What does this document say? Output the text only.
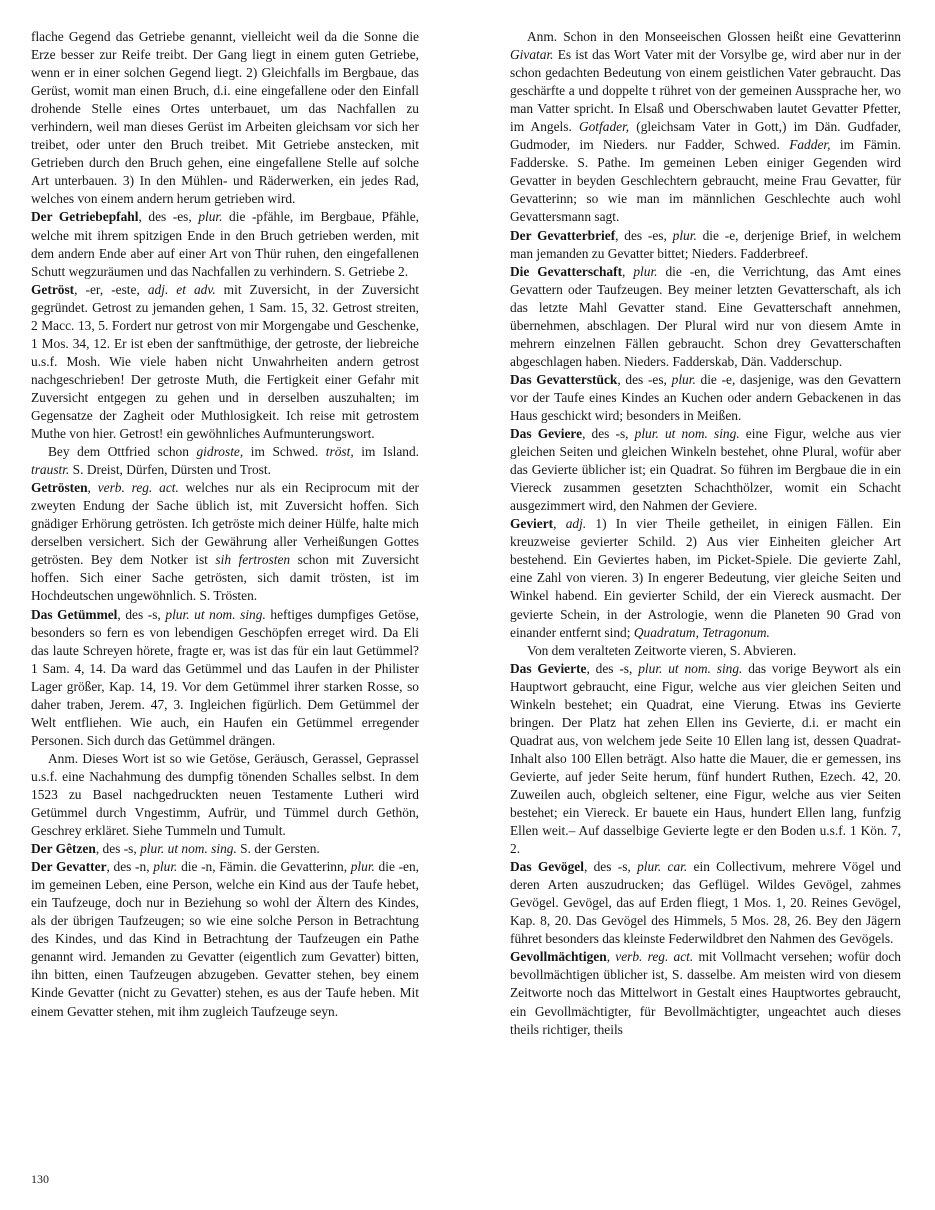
flache Gegend das Getriebe genannt, vielleicht weil da die Sonne die Erze besser zur Reife treibt. Der Gang liegt in einem guten Getriebe, wenn er in einer solchen Gegend liegt. 2) Gleichfalls im Bergbaue, das Gerüst, womit man einen Bruch, d.i. eine eingefallene oder den Einfall drohende Stelle eines Ortes unterbauet, um das Nachfallen zu verhindern, weil man dieses Gerüst im Arbeiten gleichsam vor sich her treibet, oder unter den Bruch treibet. Mit Getriebe anstecken, mit Getrieben durch den Bruch gehen, eine eingefallene Stelle auf solche Art unterbauen. 3) In den Mühlen- und Räderwerken, ein jedes Rad, welches von einem andern herum getrieben wird.

Der Getriebepfahl, des -es, plur. die -pfähle, im Bergbaue, Pfähle, welche mit ihrem spitzigen Ende in den Bruch getrieben werden, mit dem andern Ende aber auf einer Art von Thür ruhen, den eingefallenen Schutt wegzuräumen und das Nachfallen zu verhindern. S. Getriebe 2.

Getröst, -er, -este, adj. et adv. mit Zuversicht, in der Zuversicht gegründet. Getrost zu jemanden gehen, 1 Sam. 15, 32. Getrost streiten, 2 Macc. 13, 5. Fordert nur getrost von mir Morgengabe und Geschenke, 1 Mos. 34, 12. Er ist eben der sanftmüthige, der getroste, der liebreiche u.s.f. Mosh. Wie viele haben nicht Unwahrheiten andern getrost nachgeschrieben! Der getroste Muth, die Fertigkeit einer Gefahr mit Zuversicht entgegen zu gehen und in derselben auszuhalten; im Gegensatze der Zagheit oder Muthlosigkeit. Ich reise mit getrostem Muthe von hier. Getrost! ein gewöhnliches Aufmunterungswort.

Bey dem Ottfried schon gidroste, im Schwed. tröst, im Island. traustr. S. Dreist, Dürfen, Dürsten und Trost.

Getrösten, verb. reg. act. welches nur als ein Reciprocum mit der zweyten Endung der Sache üblich ist, mit Zuversicht hoffen. Sich gnädiger Erhörung getrösten. Ich getröste mich deiner Hülfe, halte mich derselben versichert. Sich der Gewährung aller Verheißungen Gottes getrösten. Bey dem Notker ist sih fertrosten schon mit Zuversicht hoffen. Sich einer Sache getrösten, sich damit trösten, ist im Hochdeutschen ungewöhnlich. S. Trösten.

Das Getümmel, des -s, plur. ut nom. sing. heftiges dumpfiges Getöse, besonders so fern es von lebendigen Geschöpfen erreget wird. Da Eli das laute Schreyen hörete, fragte er, was ist das für ein laut Getümmel? 1 Sam. 4, 14. Da ward das Getümmel und das Laufen in der Philister Lager größer, Kap. 14, 19. Vor dem Getümmel ihrer starken Rosse, so daher traben, Jerem. 47, 3. Ingleichen figürlich. Dem Getümmel der Welt entfliehen. Wie auch, ein Haufen ein Getümmel erregender Personen. Sich durch das Getümmel drängen.

Anm. Dieses Wort ist so wie Getöse, Geräusch, Gerassel, Geprassel u.s.f. eine Nachahmung des dumpfig tönenden Schalles selbst. In dem 1523 zu Basel nachgedruckten neuen Testamente Lutheri wird Getümmel durch Vngestimm, Aufrür, und Tümmel durch Gethön, Geschrey erkläret. Siehe Tummeln und Tumult.

Der Gêtzen, des -s, plur. ut nom. sing. S. der Gersten.

Der Gevatter, des -n, plur. die -n, Fämin. die Gevatterinn, plur. die -en, im gemeinen Leben, eine Person, welche ein Kind aus der Taufe hebet, ein Taufzeuge, doch nur in Beziehung so wohl der Ältern des Kindes, als der übrigen Taufzeugen; so wie eine solche Person in Betrachtung des Kindes, und das Kind in Betrachtung der Taufzeugen ein Pathe genannt wird. Jemanden zu Gevatter (eigentlich zum Gevatter) bitten, ihn bitten, einen Taufzeugen abzugeben. Gevatter stehen, bey einem Kinde Gevatter (nicht zu Gevatter) stehen, es aus der Taufe heben. Mit einem Gevatter stehen, mit ihm zugleich Taufzeuge seyn.

Anm. Schon in den Monseeischen Glossen heißt eine Gevatterinn Givatar. Es ist das Wort Vater mit der Vorsylbe ge, wird aber nur in der schon gedachten Bedeutung von einem geistlichen Vater gebraucht. Das geschärfte a und doppelte t rühret von der gemeinen Aussprache her, wo man Vatter spricht. In Elsaß und Oberschwaben lautet Gevatter Pfetter, im Angels. Gotfader, (gleichsam Vater in Gott,) im Dän. Gudfader, Gudmoder, im Nieders. nur Fadder, Schwed. Fadder, im Fämin. Fadderske. S. Pathe. Im gemeinen Leben einiger Gegenden wird Gevatter in beyden Geschlechtern gebraucht, meine Frau Gevatter, für Gevatterinn; so wie man im männlichen Geschlechte auch wohl Gevattersmann sagt.

Der Gevatterbrief, des -es, plur. die -e, derjenige Brief, in welchem man jemanden zu Gevatter bittet; Nieders. Fadderbreef.

Die Gevatterschaft, plur. die -en, die Verrichtung, das Amt eines Gevattern oder Taufzeugen. Bey meiner letzten Gevatterschaft, als ich das letzte Mahl Gevatter stand. Eine Gevatterschaft annehmen, übernehmen, abschlagen. Der Plural wird nur von diesem Amte in mehrern einzelnen Fällen gebraucht. Schon drey Gevatterschaften abgeschlagen haben. Nieders. Fadderskab, Dän. Vadderschup.

Das Gevatterstück, des -es, plur. die -e, dasjenige, was den Gevattern vor der Taufe eines Kindes an Kuchen oder andern Gebackenen in das Haus geschickt wird; besonders in Meißen.

Das Geviere, des -s, plur. ut nom. sing. eine Figur, welche aus vier gleichen Seiten und gleichen Winkeln bestehet, ohne Plural, wofür aber das Gevierte üblicher ist; ein Quadrat. So führen im Bergbaue die in ein Viereck zusammen gesetzten Schachthölzer, womit ein Schacht ausgezimmert wird, den Nahmen der Geviere.

Geviert, adj. 1) In vier Theile getheilet, in einigen Fällen. Ein kreuzweise gevierter Schild. 2) Aus vier Einheiten gleicher Art bestehend. Ein Geviertes haben, im Picket-Spiele. Die gevierte Zahl, eine Zahl von vieren. 3) In engerer Bedeutung, vier gleiche Seiten und Winkel habend. Ein gevierter Schild, der ein Viereck ausmacht. Der gevierte Schein, in der Astrologie, wenn die Planeten 90 Grad von einander entfernt sind; Quadratum, Tetragonum.

Von dem veralteten Zeitworte vieren, S. Abvieren.

Das Gevierte, des -s, plur. ut nom. sing. das vorige Beywort als ein Hauptwort gebraucht, eine Figur, welche aus vier gleichen Seiten und Winkeln bestehet; ein Quadrat, eine Vierung. Etwas ins Gevierte bringen. Der Platz hat zehen Ellen ins Gevierte, d.i. er macht ein Quadrat aus, von welchem jede Seite 10 Ellen lang ist, dessen Quadrat-Inhalt also 100 Ellen beträgt. Also hatte die Mauer, die er gemessen, ins Gevierte, auf jeder Seite herum, fünf hundert Ruthen, Ezech. 42, 20. Zuweilen auch, obgleich seltener, eine Figur, welche aus vier Seiten bestehet; ein Viereck. Er bauete ein Haus, hundert Ellen lang, funfzig Ellen weit.– Auf dasselbige Gevierte legte er den Boden u.s.f. 1 Kön. 7, 2.

Das Gevögel, des -s, plur. car. ein Collectivum, mehrere Vögel und deren Arten auszudrucken; das Geflügel. Wildes Gevögel, zahmes Gevögel. Gevögel, das auf Erden fliegt, 1 Mos. 1, 20. Reines Gevögel, Kap. 8, 20. Das Gevögel des Himmels, 5 Mos. 28, 26. Bey den Jägern führet besonders das kleinste Federwildbret den Nahmen des Gevögels.

Gevollmächtigen, verb. reg. act. mit Vollmacht versehen; wofür doch bevollmächtigen üblicher ist, S. dasselbe. Am meisten wird von diesem Zeitworte noch das Mittelwort in Gestalt eines Hauptwortes gebraucht, ein Gevollmächtigter, für Bevollmächtigter, ungeachtet auch dieses theils richtiger, theils

130
